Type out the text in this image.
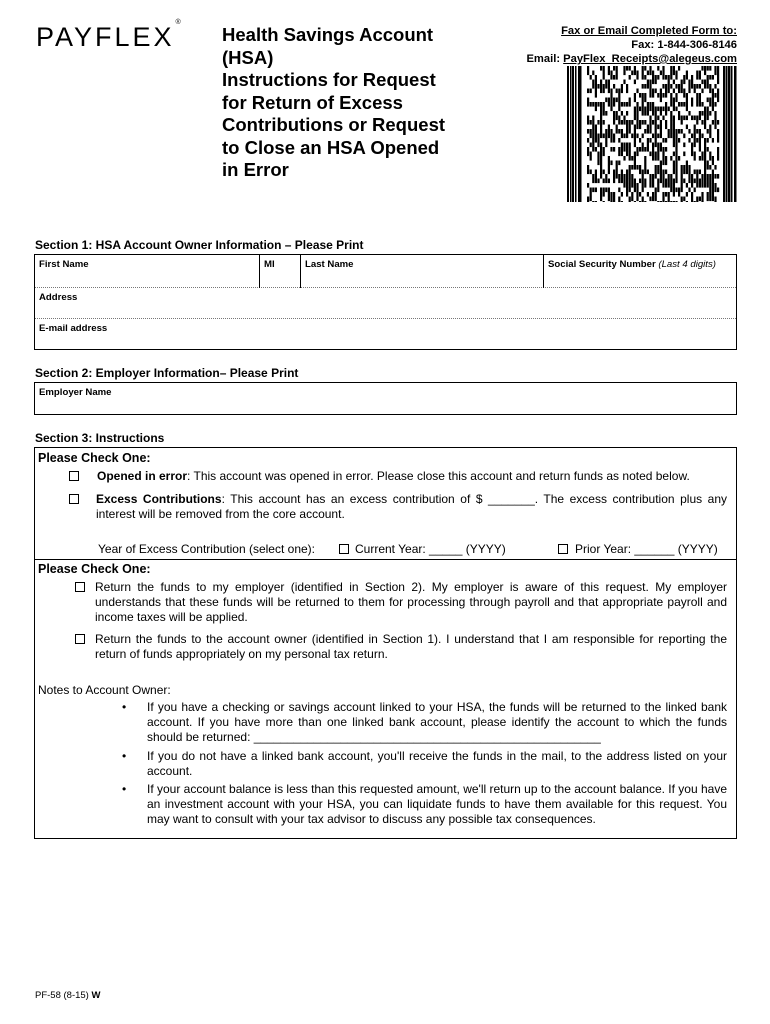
PAYFLEX®
Health Savings Account
(HSA)
Instructions for Request
for Return of Excess
Contributions or Request
to Close an HSA Opened
in Error
Fax or Email Completed Form to:
Fax: 1-844-306-8146
Email: PayFlex_Receipts@alegeus.com
Section 1: HSA Account Owner Information – Please Print
First Name	MI	Last Name	Social Security Number (Last 4 digits)
Address
E-mail address
Section 2: Employer Information– Please Print
Employer Name
Section 3: Instructions
Please Check One:
Opened in error: This account was opened in error. Please close this account and return funds as noted below.
Excess Contributions: This account has an excess contribution of $ _______. The excess contribution plus any interest will be removed from the core account.
Year of Excess Contribution (select one):	Current Year: _____ (YYYY)	Prior Year: ______ (YYYY)
Please Check One:
Return the funds to my employer (identified in Section 2). My employer is aware of this request. My employer understands that these funds will be returned to them for processing through payroll and that appropriate payroll and income taxes will be applied.
Return the funds to the account owner (identified in Section 1). I understand that I am responsible for reporting the return of funds appropriately on my personal tax return.
Notes to Account Owner:
• If you have a checking or savings account linked to your HSA, the funds will be returned to the linked bank account. If you have more than one linked bank account, please identify the account to which the funds should be returned: ____________________________________________________
• If you do not have a linked bank account, you'll receive the funds in the mail, to the address listed on your account.
• If your account balance is less than this requested amount, we'll return up to the account balance. If you have an investment account with your HSA, you can liquidate funds to have them available for this request. You may want to consult with your tax advisor to discuss any possible tax consequences.
PF-58 (8-15) W
